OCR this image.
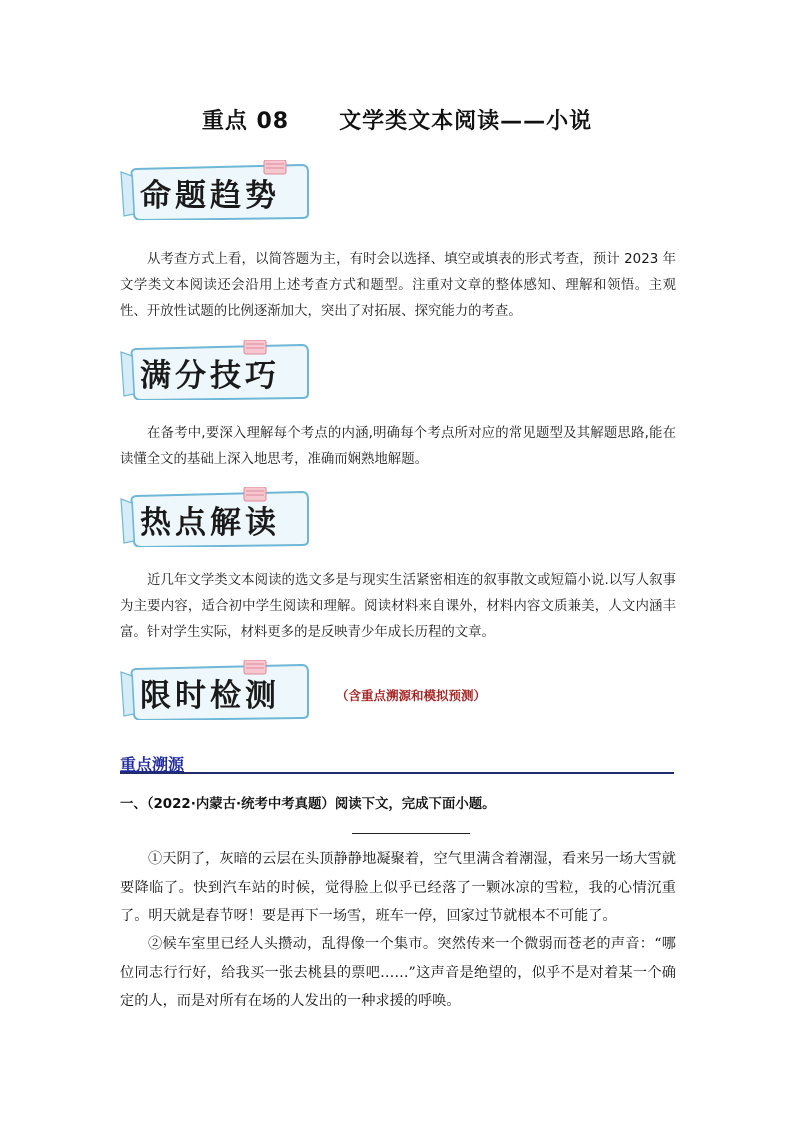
重点 08 文学类文本阅读——小说
命题趋势
从考查方式上看，以简答题为主，有时会以选择、填空或填表的形式考查，预计 2023 年文学类文本阅读还会沿用上述考查方式和题型。注重对文章的整体感知、理解和领悟。主观性、开放性试题的比例逐渐加大，突出了对拓展、探究能力的考查。
满分技巧
在备考中,要深入理解每个考点的内涵,明确每个考点所对应的常见题型及其解题思路,能在读懂全文的基础上深入地思考，准确而娴熟地解题。
热点解读
近几年文学类文本阅读的选文多是与现实生活紧密相连的叙事散文或短篇小说.以写人叙事为主要内容，适合初中学生阅读和理解。阅读材料来自课外，材料内容文质兼美，人文内涵丰富。针对学生实际，材料更多的是反映青少年成长历程的文章。
限时检测	（含重点溯源和模拟预测）
重点溯源
一、（2022·内蒙古·统考中考真题）阅读下文，完成下面小题。
①天阴了，灰暗的云层在头顶静静地凝聚着，空气里满含着潮湿，看来另一场大雪就要降临了。快到汽车站的时候，觉得脸上似乎已经落了一颗冰凉的雪粒，我的心情沉重了。明天就是春节呀！要是再下一场雪，班车一停，回家过节就根本不可能了。
②候车室里已经人头攒动，乱得像一个集市。突然传来一个微弱而苍老的声音：“哪位同志行行好，给我买一张去桃县的票吧……”这声音是绝望的，似乎不是对着某一个确定的人，而是对所有在场的人发出的一种求援的呼唤。
